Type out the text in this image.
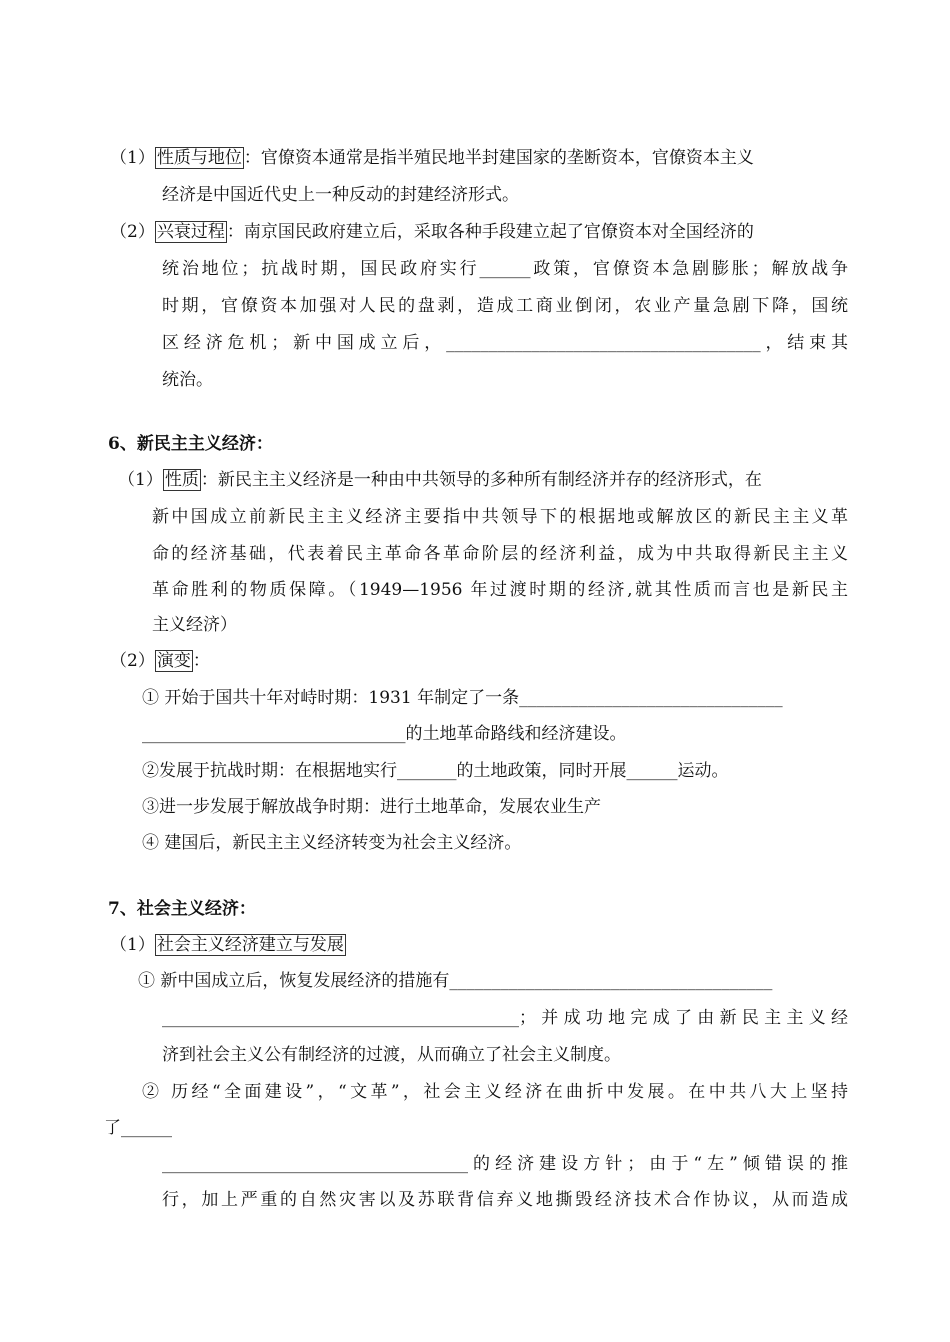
（1） 性质与地位 ：官僚资本通常是指半殖民地半封建国家的垄断资本，官僚资本主义
经济是中国近代史上一种反动的封建经济形式。
（2） 兴衰过程 ：南京国民政府建立后，采取各种手段建立起了官僚资本对全国经济的
统治地位；抗战时期，国民政府实行______政策，官僚资本急剧膨胀；解放战争
时期，官僚资本加强对人民的盘剥，造成工商业倒闭，农业产量急剧下降，国统
区经济危机；新中国成立后，_____________________________________，结束其
统治。
6、新民主主义经济：
（1） 性质 ：新民主主义经济是一种由中共领导的多种所有制经济并存的经济形式，在
新中国成立前新民主主义经济主要指中共领导下的根据地或解放区的新民主主义革
命的经济基础，代表着民主革命各革命阶层的经济利益，成为中共取得新民主主义
革命胜利的物质保障。（1949—1956 年过渡时期的经济,就其性质而言也是新民主
主义经济）
（2） 演变 ：
① 开始于国共十年对峙时期：1931 年制定了一条_______________________________
_______________________________的土地革命路线和经济建设。
②发展于抗战时期：在根据地实行_______的土地政策，同时开展______运动。
③进一步发展于解放战争时期：进行土地革命，发展农业生产
④ 建国后，新民主主义经济转变为社会主义经济。
7、社会主义经济：
（1） 社会主义经济建立与发展
① 新中国成立后，恢复发展经济的措施有______________________________________
__________________________________________；并成功地完成了由新民主主义经
济到社会主义公有制经济的过渡，从而确立了社会主义制度。
② 历经“全面建设”，“文革”，社会主义经济在曲折中发展。在中共八大上坚持
了______
____________________________________的经济建设方针；由于“左”倾错误的推
行，加上严重的自然灾害以及苏联背信弃义地撕毁经济技术合作协议，从而造成
